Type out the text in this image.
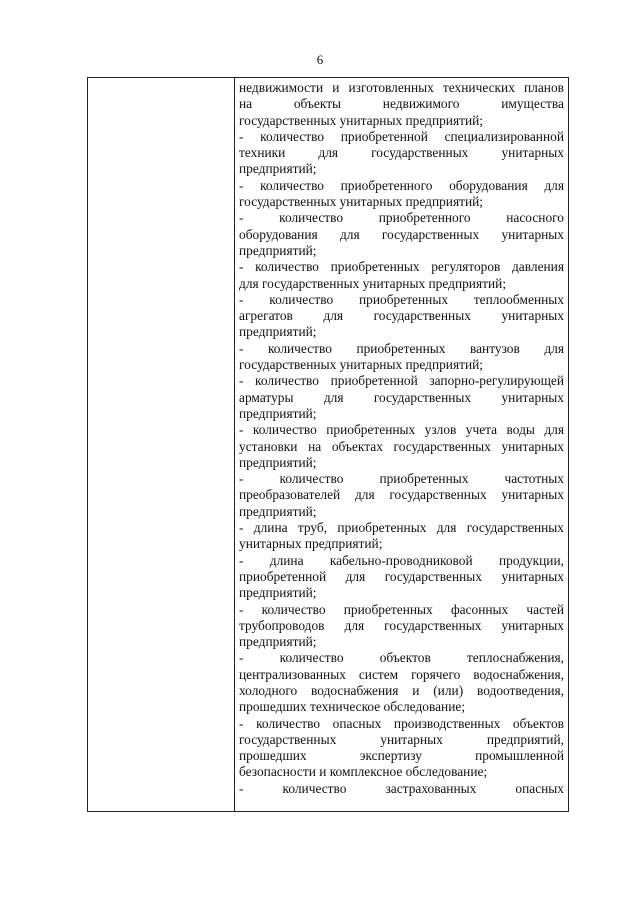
6
недвижимости и изготовленных технических планов
на объекты недвижимого имущества
государственных унитарных предприятий;
- количество приобретенной специализированной
техники для государственных унитарных
предприятий;
- количество приобретенного оборудования для
государственных унитарных предприятий;
- количество приобретенного насосного
оборудования для государственных унитарных
предприятий;
- количество приобретенных регуляторов давления
для государственных унитарных предприятий;
- количество приобретенных теплообменных
агрегатов для государственных унитарных
предприятий;
- количество приобретенных вантузов для
государственных унитарных предприятий;
- количество приобретенной запорно-регулирующей
арматуры для государственных унитарных
предприятий;
- количество приобретенных узлов учета воды для
установки на объектах государственных унитарных
предприятий;
- количество приобретенных частотных
преобразователей для государственных унитарных
предприятий;
- длина труб, приобретенных для государственных
унитарных предприятий;
- длина кабельно-проводниковой продукции,
приобретенной для государственных унитарных
предприятий;
- количество приобретенных фасонных частей
трубопроводов для государственных унитарных
предприятий;
- количество объектов теплоснабжения,
централизованных систем горячего водоснабжения,
холодного водоснабжения и (или) водоотведения,
прошедших техническое обследование;
- количество опасных производственных объектов
государственных унитарных предприятий,
прошедших экспертизу промышленной
безопасности и комплексное обследование;
- количество застрахованных опасных
